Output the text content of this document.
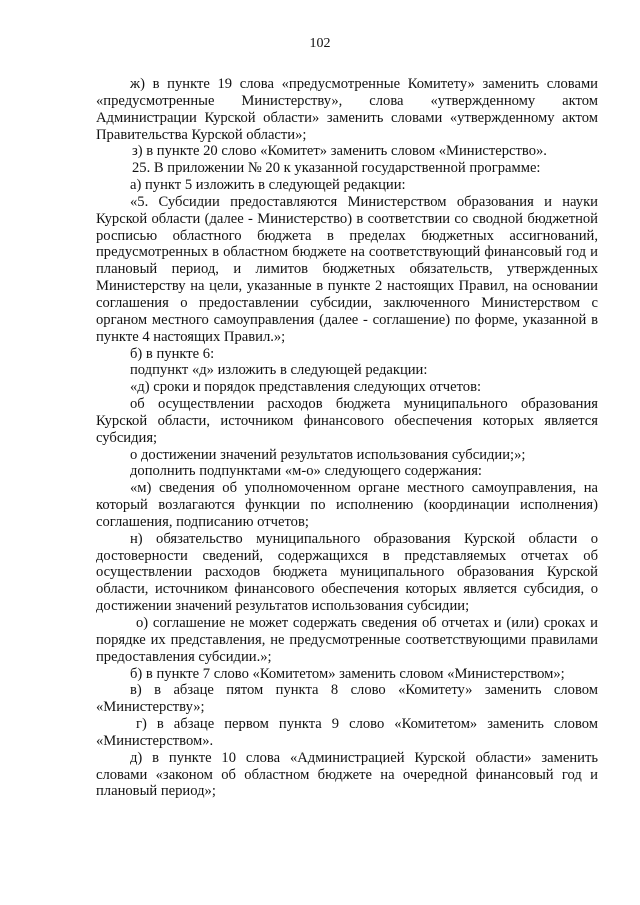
102

ж) в пункте 19 слова «предусмотренные Комитету» заменить словами «предусмотренные Министерству», слова «утвержденному актом Администрации Курской области» заменить словами «утвержденному актом Правительства Курской области»;

з) в пункте 20 слово «Комитет» заменить словом «Министерство».

25. В приложении № 20 к указанной государственной программе:

а) пункт 5 изложить в следующей редакции:

«5. Субсидии предоставляются Министерством образования и науки Курской области (далее - Министерство) в соответствии со сводной бюджетной росписью областного бюджета в пределах бюджетных ассигнований, предусмотренных в областном бюджете на соответствующий финансовый год и плановый период, и лимитов бюджетных обязательств, утвержденных Министерству на цели, указанные в пункте 2 настоящих Правил, на основании соглашения о предоставлении субсидии, заключенного Министерством с органом местного самоуправления (далее - соглашение) по форме, указанной в пункте 4 настоящих Правил.»;

б) в пункте 6:

подпункт «д» изложить в следующей редакции:

«д) сроки и порядок представления следующих отчетов:

об осуществлении расходов бюджета муниципального образования Курской области, источником финансового обеспечения которых является субсидия;

о достижении значений результатов использования субсидии;»;

дополнить подпунктами «м-о» следующего содержания:

«м) сведения об уполномоченном органе местного самоуправления, на который возлагаются функции по исполнению (координации исполнения) соглашения, подписанию отчетов;

н) обязательство муниципального образования Курской области о достоверности сведений, содержащихся в представляемых отчетах об осуществлении расходов бюджета муниципального образования Курской области, источником финансового обеспечения которых является субсидия, о достижении значений результатов использования субсидии;

о) соглашение не может содержать сведения об отчетах и (или) сроках и порядке их представления, не предусмотренные соответствующими правилами предоставления субсидии.»;

б) в пункте 7 слово «Комитетом» заменить словом «Министерством»;

в) в абзаце пятом пункта 8 слово «Комитету» заменить словом «Министерству»;

г) в абзаце первом пункта 9 слово «Комитетом» заменить словом «Министерством».

д) в пункте 10 слова «Администрацией Курской области» заменить словами «законом об областном бюджете на очередной финансовый год и плановый период»;
